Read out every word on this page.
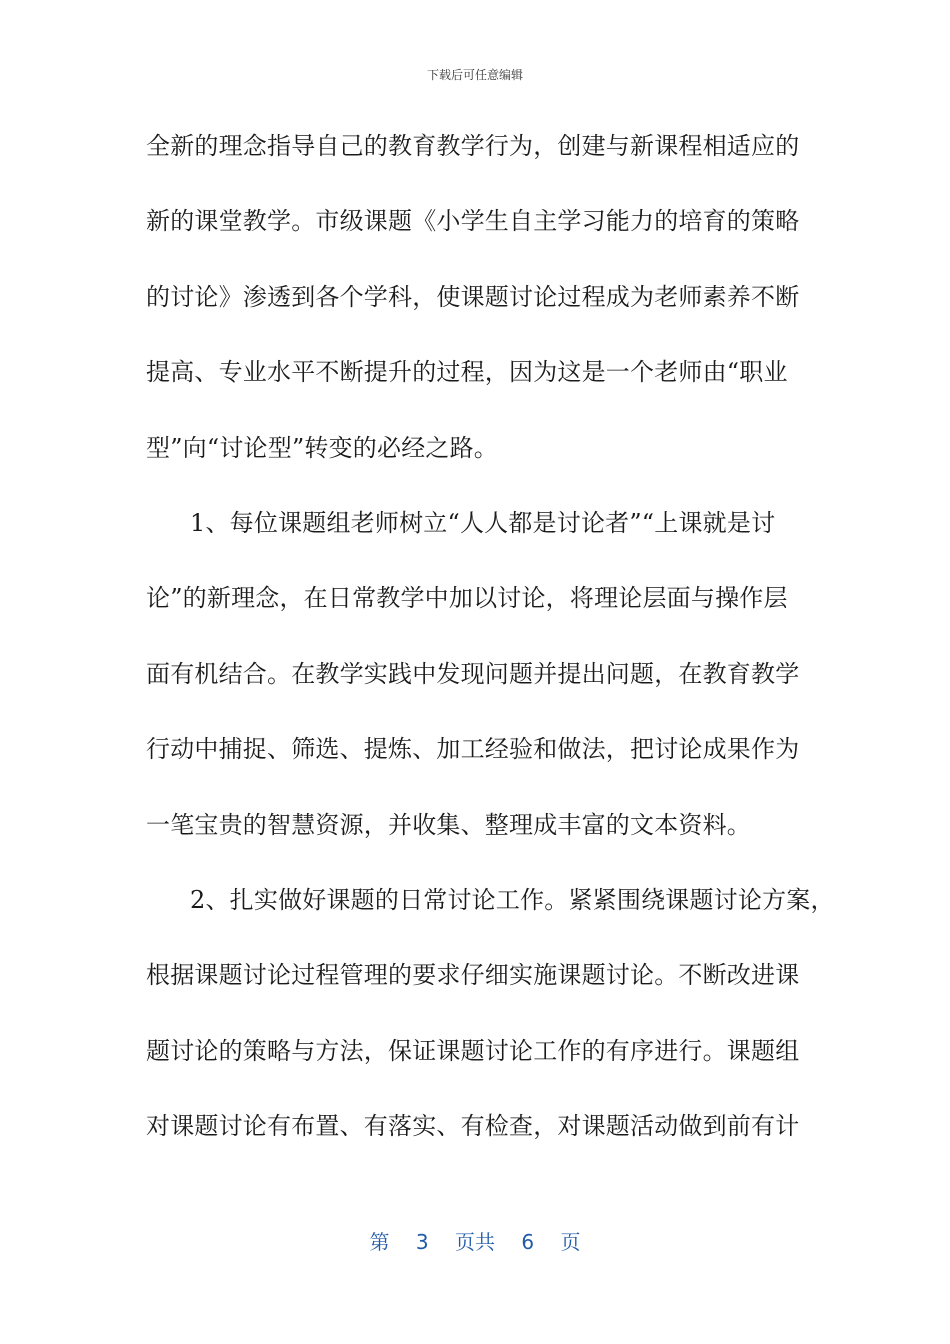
下载后可任意编辑
全新的理念指导自己的教育教学行为，创建与新课程相适应的
新的课堂教学。市级课题《小学生自主学习能力的培育的策略
的讨论》渗透到各个学科，使课题讨论过程成为老师素养不断
提高、专业水平不断提升的过程，因为这是一个老师由“职业
型”向“讨论型”转变的必经之路。
1、每位课题组老师树立“人人都是讨论者”“上课就是讨
论”的新理念，在日常教学中加以讨论，将理论层面与操作层
面有机结合。在教学实践中发现问题并提出问题，在教育教学
行动中捕捉、筛选、提炼、加工经验和做法，把讨论成果作为
一笔宝贵的智慧资源，并收集、整理成丰富的文本资料。
2、扎实做好课题的日常讨论工作。紧紧围绕课题讨论方案，
根据课题讨论过程管理的要求仔细实施课题讨论。不断改进课
题讨论的策略与方法，保证课题讨论工作的有序进行。课题组
对课题讨论有布置、有落实、有检查，对课题活动做到前有计
第 3 页共 6 页
